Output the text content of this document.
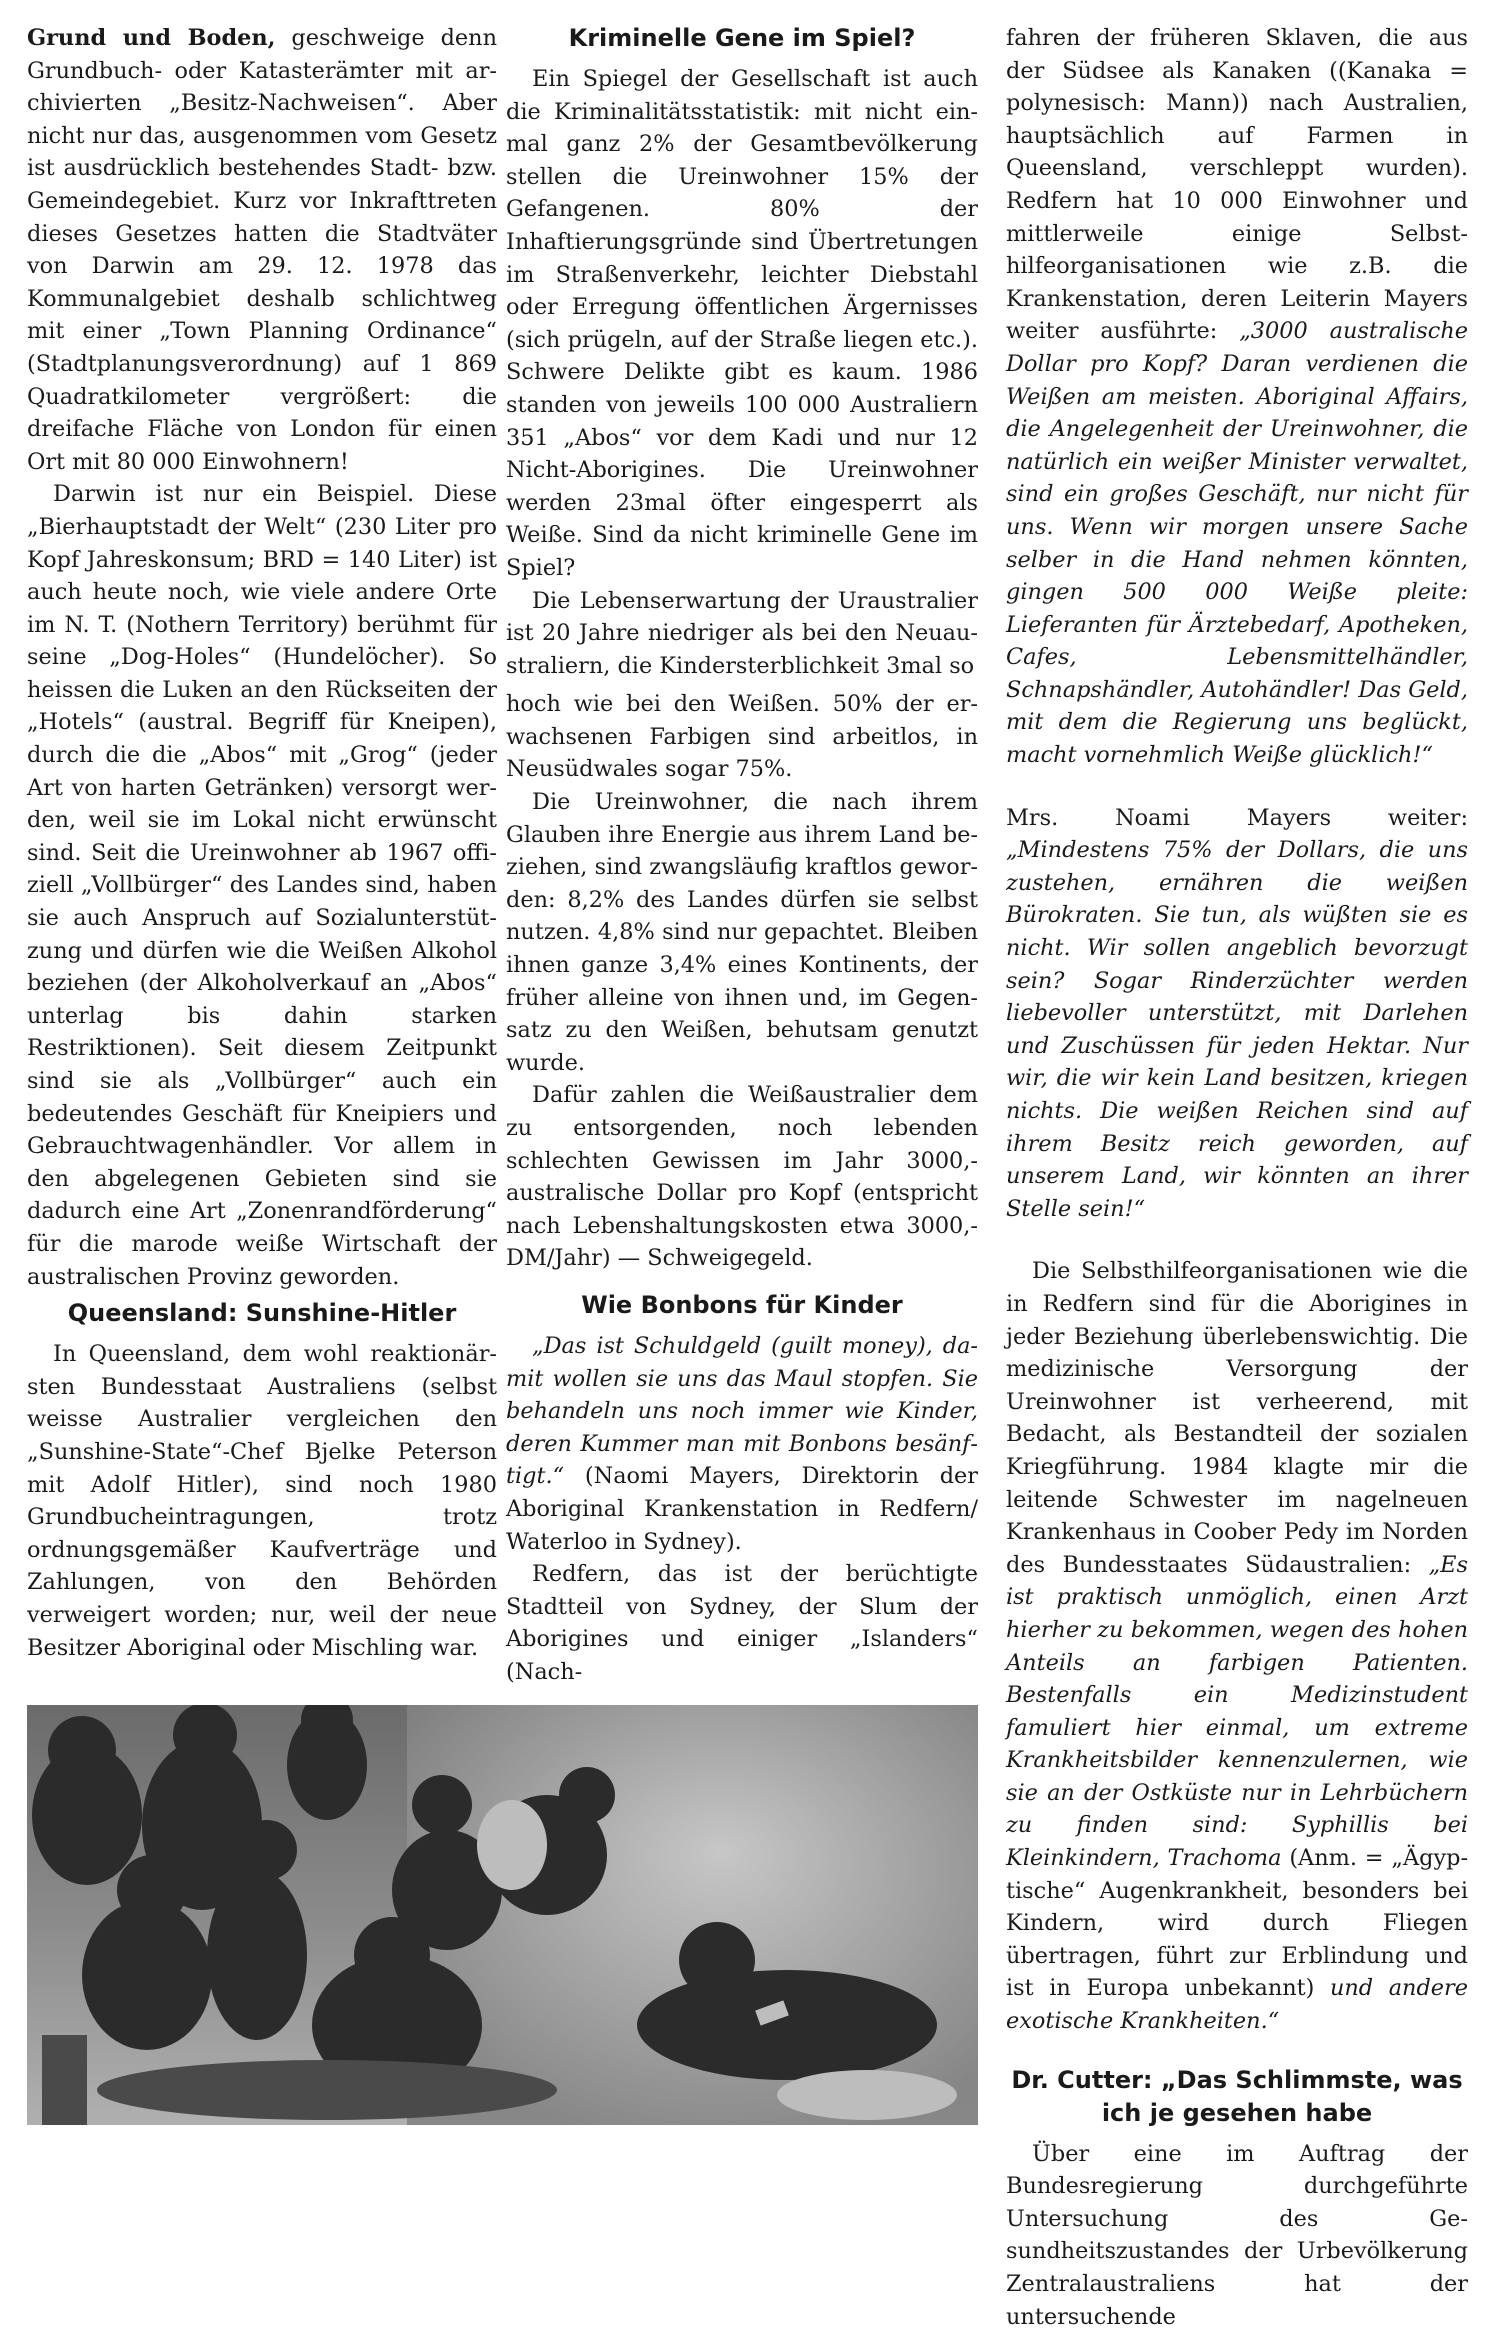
Grund und Boden, geschweige denn Grundbuch- oder Katasterämter mit archivierten „Besitz-Nachweisen“. Aber nicht nur das, ausgenommen vom Gesetz ist ausdrücklich bestehendes Stadt- bzw. Gemeindegebiet. Kurz vor Inkrafttreten dieses Gesetzes hatten die Stadtväter von Darwin am 29. 12. 1978 das Kommunalgebiet deshalb schlichtweg mit einer „Town Planning Ordinance“ (Stadtplanungsverordnung) auf 1 869 Quadratkilometer vergrößert: die dreifache Fläche von London für einen Ort mit 80 000 Einwohnern!

Darwin ist nur ein Beispiel. Diese „Bierhauptstadt der Welt“ (230 Liter pro Kopf Jahreskonsum; BRD = 140 Liter) ist auch heute noch, wie viele andere Orte im N. T. (Nothern Territory) berühmt für seine „Dog-Holes“ (Hundelöcher). So heissen die Luken an den Rückseiten der „Hotels“ (austral. Begriff für Kneipen), durch die die „Abos“ mit „Grog“ (jeder Art von harten Getränken) versorgt werden, weil sie im Lokal nicht erwünscht sind. Seit die Ureinwohner ab 1967 offiziell „Vollbürger“ des Landes sind, haben sie auch Anspruch auf Sozialunterstützung und dürfen wie die Weißen Alkohol beziehen (der Alkoholverkauf an „Abos“ unterlag bis dahin starken Restriktionen). Seit diesem Zeitpunkt sind sie als „Vollbürger“ auch ein bedeutendes Geschäft für Kneipiers und Gebrauchtwagenhändler. Vor allem in den abgelegenen Gebieten sind sie dadurch eine Art „Zonenrandförderung“ für die marode weiße Wirtschaft der australischen Provinz geworden.

Queensland: Sunshine-Hitler

In Queensland, dem wohl reaktionärsten Bundesstaat Australiens (selbst weisse Australier vergleichen den „Sunshine-State“-Chef Bjelke Peterson mit Adolf Hitler), sind noch 1980 Grundbucheintragungen, trotz ordnungsgemäßer Kaufverträge und Zahlungen, von den Behörden verweigert worden; nur, weil der neue Besitzer Aboriginal oder Mischling war.

Kriminelle Gene im Spiel?

Ein Spiegel der Gesellschaft ist auch die Kriminalitätsstatistik: mit nicht einmal ganz 2% der Gesamtbevölkerung stellen die Ureinwohner 15% der Gefangenen. 80% der Inhaftierungsgründe sind Übertretungen im Straßenverkehr, leichter Diebstahl oder Erregung öffentlichen Ärgernisses (sich prügeln, auf der Straße liegen etc.). Schwere Delikte gibt es kaum. 1986 standen von jeweils 100 000 Australiern 351 „Abos“ vor dem Kadi und nur 12 Nicht-Aborigines. Die Ureinwohner werden 23mal öfter eingesperrt als Weiße. Sind da nicht kriminelle Gene im Spiel?

Die Lebenserwartung der Uraustralier ist 20 Jahre niedriger als bei den Neuaustraliern, die Kindersterblichkeit 3mal so

hoch wie bei den Weißen. 50% der erwachsenen Farbigen sind arbeitlos, in Neusüdwales sogar 75%.

Die Ureinwohner, die nach ihrem Glauben ihre Energie aus ihrem Land beziehen, sind zwangsläufig kraftlos geworden: 8,2% des Landes dürfen sie selbst nutzen. 4,8% sind nur gepachtet. Bleiben ihnen ganze 3,4% eines Kontinents, der früher alleine von ihnen und, im Gegensatz zu den Weißen, behutsam genutzt wurde.

Dafür zahlen die Weißaustralier dem zu entsorgenden, noch lebenden schlechten Gewissen im Jahr 3000,- australische Dollar pro Kopf (entspricht nach Lebenshaltungskosten etwa 3000,- DM/Jahr) — Schweigegeld.

Wie Bonbons für Kinder

„Das ist Schuldgeld (guilt money), damit wollen sie uns das Maul stopfen. Sie behandeln uns noch immer wie Kinder, deren Kummer man mit Bonbons besänftigt.“ (Naomi Mayers, Direktorin der Aboriginal Krankenstation in Redfern/ Waterloo in Sydney).

Redfern, das ist der berüchtigte Stadtteil von Sydney, der Slum der Aborigines und einiger „Islanders“ (Nach-

fahren der früheren Sklaven, die aus der Südsee als Kanaken ((Kanaka = polynesisch: Mann)) nach Australien, hauptsächlich auf Farmen in Queensland, verschleppt wurden). Redfern hat 10 000 Einwohner und mittlerweile einige Selbsthilfeorganisationen wie z.B. die Krankenstation, deren Leiterin Mayers weiter ausführte: „3000 australische Dollar pro Kopf? Daran verdienen die Weißen am meisten. Aboriginal Affairs, die Angelegenheit der Ureinwohner, die natürlich ein weißer Minister verwaltet, sind ein großes Geschäft, nur nicht für uns. Wenn wir morgen unsere Sache selber in die Hand nehmen könnten, gingen 500 000 Weiße pleite: Lieferanten für Ärztebedarf, Apotheken, Cafes, Lebensmittelhändler, Schnapshändler, Autohändler! Das Geld, mit dem die Regierung uns beglückt, macht vornehmlich Weiße glücklich!“

Mrs. Noami Mayers weiter: „Mindestens 75% der Dollars, die uns zustehen, ernähren die weißen Bürokraten. Sie tun, als wüßten sie es nicht. Wir sollen angeblich bevorzugt sein? Sogar Rinderzüchter werden liebevoller unterstützt, mit Darlehen und Zuschüssen für jeden Hektar. Nur wir, die wir kein Land besitzen, kriegen nichts. Die weißen Reichen sind auf ihrem Besitz reich geworden, auf unserem Land, wir könnten an ihrer Stelle sein!“

Die Selbsthilfeorganisationen wie die in Redfern sind für die Aborigines in jeder Beziehung überlebenswichtig. Die medizinische Versorgung der Ureinwohner ist verheerend, mit Bedacht, als Bestandteil der sozialen Kriegführung. 1984 klagte mir die leitende Schwester im nagelneuen Krankenhaus in Coober Pedy im Norden des Bundesstaates Südaustralien: „Es ist praktisch unmöglich, einen Arzt hierher zu bekommen, wegen des hohen Anteils an farbigen Patienten. Bestenfalls ein Medizinstudent famuliert hier einmal, um extreme Krankheitsbilder kennenzulernen, wie sie an der Ostküste nur in Lehrbüchern zu finden sind: Syphillis bei Kleinkindern, Trachoma (Anm. = „Ägyptische“ Augenkrankheit, besonders bei Kindern, wird durch Fliegen übertragen, führt zur Erblindung und ist in Europa unbekannt) und andere exotische Krankheiten.“

Dr. Cutter: „Das Schlimmste, was ich je gesehen habe

Über eine im Auftrag der Bundesregierung durchgeführte Untersuchung des Gesundheitszustandes der Urbevölkerung Zentralaustraliens hat der untersuchende
